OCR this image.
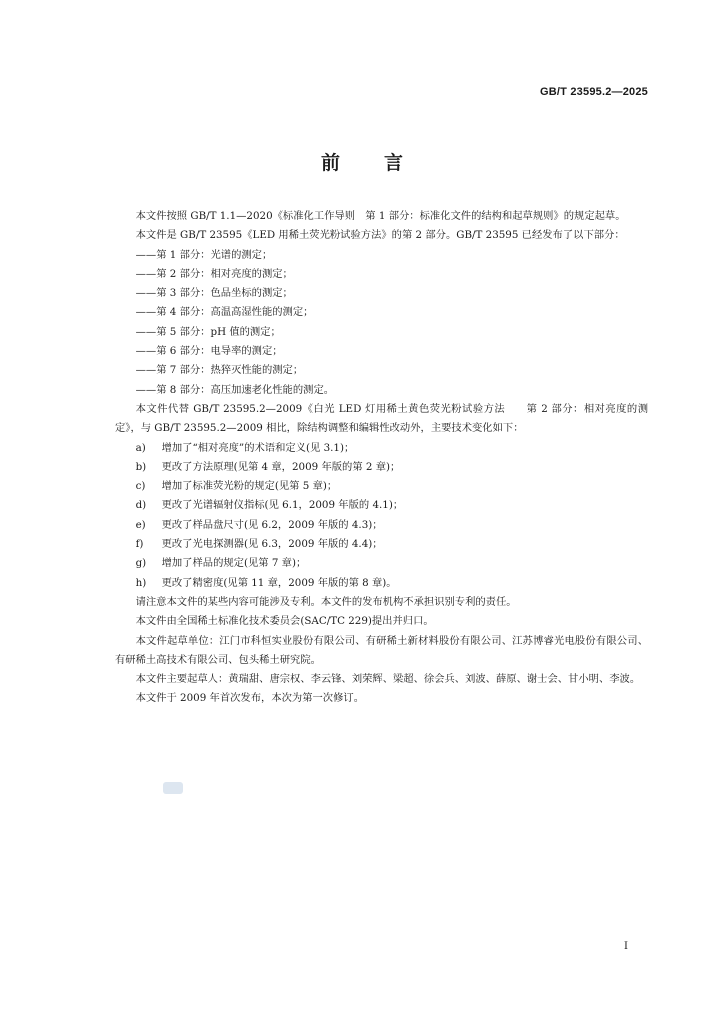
GB/T 23595.2—2025
前 言

本文件按照 GB/T 1.1—2020《标准化工作导则　第 1 部分：标准化文件的结构和起草规则》的规定起草。

本文件是 GB/T 23595《LED 用稀土荧光粉试验方法》的第 2 部分。GB/T 23595 已经发布了以下部分：

——第 1 部分：光谱的测定；

——第 2 部分：相对亮度的测定；

——第 3 部分：色品坐标的测定；

——第 4 部分：高温高湿性能的测定；

——第 5 部分：pH 值的测定；

——第 6 部分：电导率的测定；

——第 7 部分：热猝灭性能的测定；

——第 8 部分：高压加速老化性能的测定。

本文件代替 GB/T 23595.2—2009《白光 LED 灯用稀土黄色荧光粉试验方法　　第 2 部分：相对亮度的测定》，与 GB/T 23595.2—2009 相比，除结构调整和编辑性改动外，主要技术变化如下：

a) 增加了“相对亮度”的术语和定义(见 3.1)；

b) 更改了方法原理(见第 4 章，2009 年版的第 2 章)；

c) 增加了标准荧光粉的规定(见第 5 章)；

d) 更改了光谱辐射仪指标(见 6.1，2009 年版的 4.1)；

e) 更改了样品盘尺寸(见 6.2，2009 年版的 4.3)；

f) 更改了光电探测器(见 6.3，2009 年版的 4.4)；

g) 增加了样品的规定(见第 7 章)；

h) 更改了精密度(见第 11 章，2009 年版的第 8 章)。

请注意本文件的某些内容可能涉及专利。本文件的发布机构不承担识别专利的责任。

本文件由全国稀土标准化技术委员会(SAC/TC 229)提出并归口。

本文件起草单位：江门市科恒实业股份有限公司、有研稀土新材料股份有限公司、江苏博睿光电股份有限公司、有研稀土高技术有限公司、包头稀土研究院。

本文件主要起草人：黄瑞甜、唐宗权、李云锋、刘荣辉、梁超、徐会兵、刘波、薛原、谢士会、甘小明、李波。

本文件于 2009 年首次发布，本次为第一次修订。

I
